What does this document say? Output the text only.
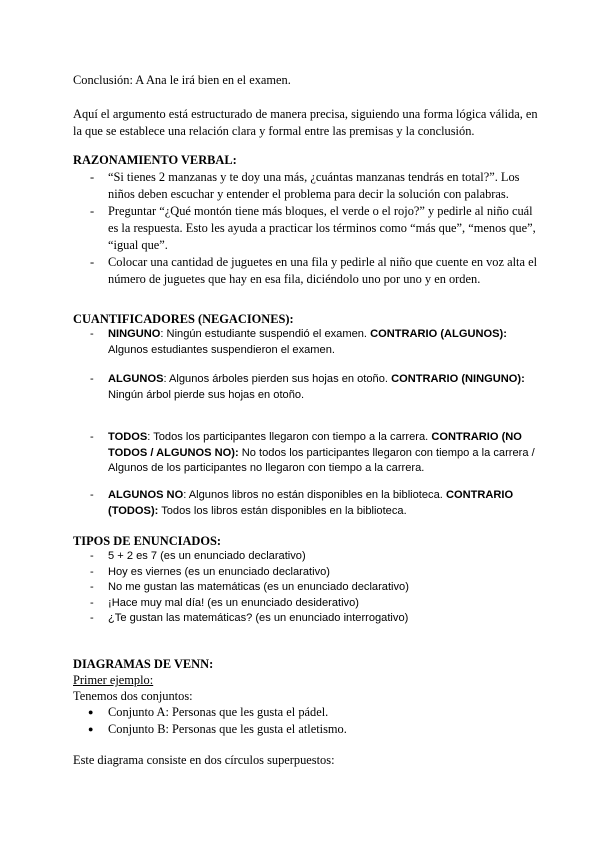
Conclusión: A Ana le irá bien en el examen.
Aquí el argumento está estructurado de manera precisa, siguiendo una forma lógica válida, en la que se establece una relación clara y formal entre las premisas y la conclusión.
RAZONAMIENTO VERBAL:
- “Si tienes 2 manzanas y te doy una más, ¿cuántas manzanas tendrás en total?”. Los niños deben escuchar y entender el problema para decir la solución con palabras.
- Preguntar “¿Qué montón tiene más bloques, el verde o el rojo?” y pedirle al niño cuál es la respuesta. Esto les ayuda a practicar los términos como “más que”, “menos que”, “igual que”.
- Colocar una cantidad de juguetes en una fila y pedirle al niño que cuente en voz alta el número de juguetes que hay en esa fila, diciéndolo uno por uno y en orden.
CUANTIFICADORES (NEGACIONES):
- NINGUNO: Ningún estudiante suspendió el examen. CONTRARIO (ALGUNOS): Algunos estudiantes suspendieron el examen.
- ALGUNOS: Algunos árboles pierden sus hojas en otoño. CONTRARIO (NINGUNO): Ningún árbol pierde sus hojas en otoño.
- TODOS: Todos los participantes llegaron con tiempo a la carrera. CONTRARIO (NO TODOS / ALGUNOS NO): No todos los participantes llegaron con tiempo a la carrera / Algunos de los participantes no llegaron con tiempo a la carrera.
- ALGUNOS NO: Algunos libros no están disponibles en la biblioteca. CONTRARIO (TODOS): Todos los libros están disponibles en la biblioteca.
TIPOS DE ENUNCIADOS:
- 5 + 2 es 7 (es un enunciado declarativo)
- Hoy es viernes (es un enunciado declarativo)
- No me gustan las matemáticas (es un enunciado declarativo)
- ¡Hace muy mal día! (es un enunciado desiderativo)
- ¿Te gustan las matemáticas? (es un enunciado interrogativo)
DIAGRAMAS DE VENN:
Primer ejemplo:
Tenemos dos conjuntos:
● Conjunto A: Personas que les gusta el pádel.
● Conjunto B: Personas que les gusta el atletismo.
Este diagrama consiste en dos círculos superpuestos:
